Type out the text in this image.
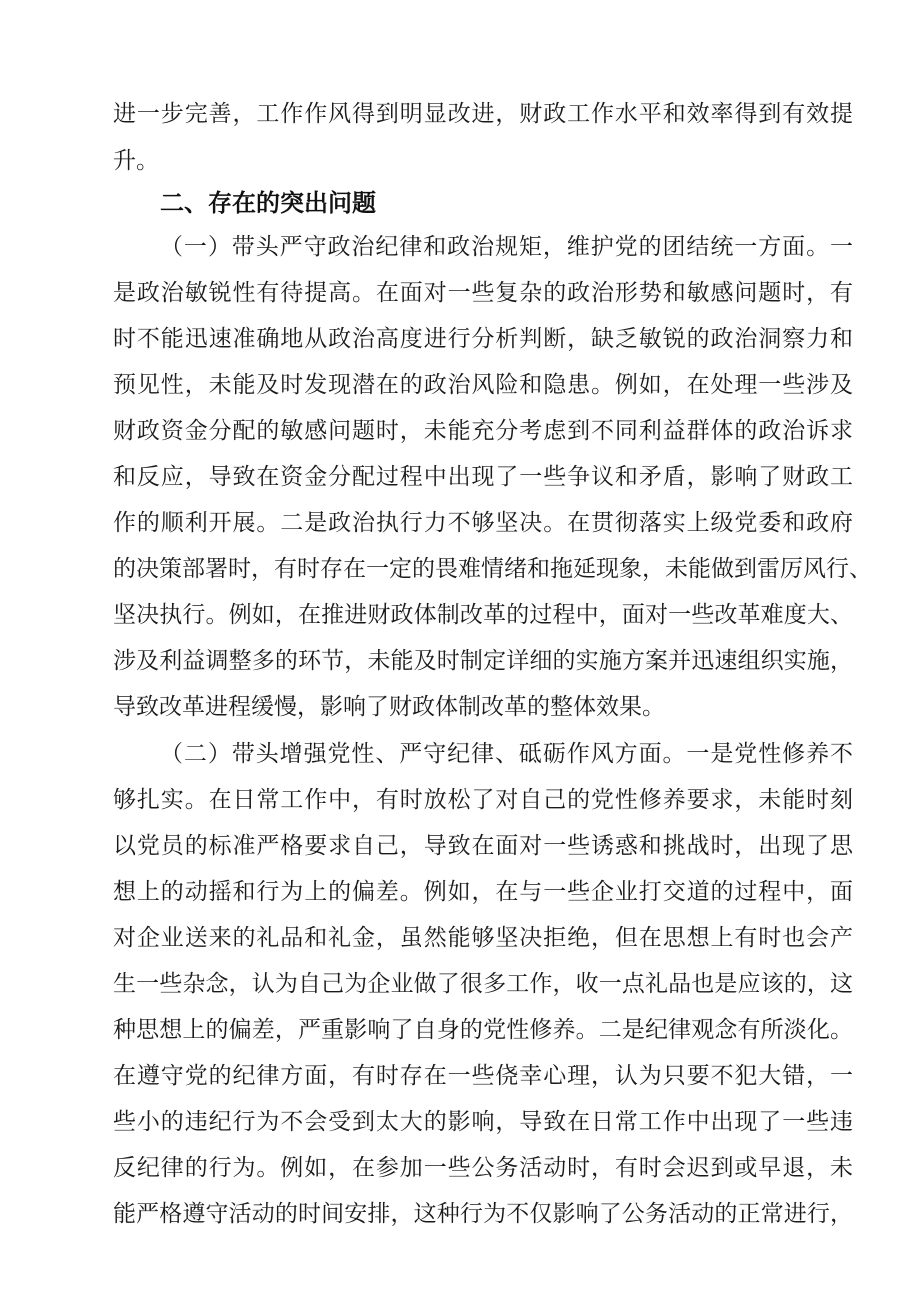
进一步完善，工作作风得到明显改进，财政工作水平和效率得到有效提
升。
二、存在的突出问题
（一）带头严守政治纪律和政治规矩，维护党的团结统一方面。一
是政治敏锐性有待提高。在面对一些复杂的政治形势和敏感问题时，有
时不能迅速准确地从政治高度进行分析判断，缺乏敏锐的政治洞察力和
预见性，未能及时发现潜在的政治风险和隐患。例如，在处理一些涉及
财政资金分配的敏感问题时，未能充分考虑到不同利益群体的政治诉求
和反应，导致在资金分配过程中出现了一些争议和矛盾，影响了财政工
作的顺利开展。二是政治执行力不够坚决。在贯彻落实上级党委和政府
的决策部署时，有时存在一定的畏难情绪和拖延现象，未能做到雷厉风行、
坚决执行。例如，在推进财政体制改革的过程中，面对一些改革难度大、
涉及利益调整多的环节，未能及时制定详细的实施方案并迅速组织实施，
导致改革进程缓慢，影响了财政体制改革的整体效果。
（二）带头增强党性、严守纪律、砥砺作风方面。一是党性修养不
够扎实。在日常工作中，有时放松了对自己的党性修养要求，未能时刻
以党员的标准严格要求自己，导致在面对一些诱惑和挑战时，出现了思
想上的动摇和行为上的偏差。例如，在与一些企业打交道的过程中，面
对企业送来的礼品和礼金，虽然能够坚决拒绝，但在思想上有时也会产
生一些杂念，认为自己为企业做了很多工作，收一点礼品也是应该的，这
种思想上的偏差，严重影响了自身的党性修养。二是纪律观念有所淡化。
在遵守党的纪律方面，有时存在一些侥幸心理，认为只要不犯大错，一
些小的违纪行为不会受到太大的影响，导致在日常工作中出现了一些违
反纪律的行为。例如，在参加一些公务活动时，有时会迟到或早退，未
能严格遵守活动的时间安排，这种行为不仅影响了公务活动的正常进行，
